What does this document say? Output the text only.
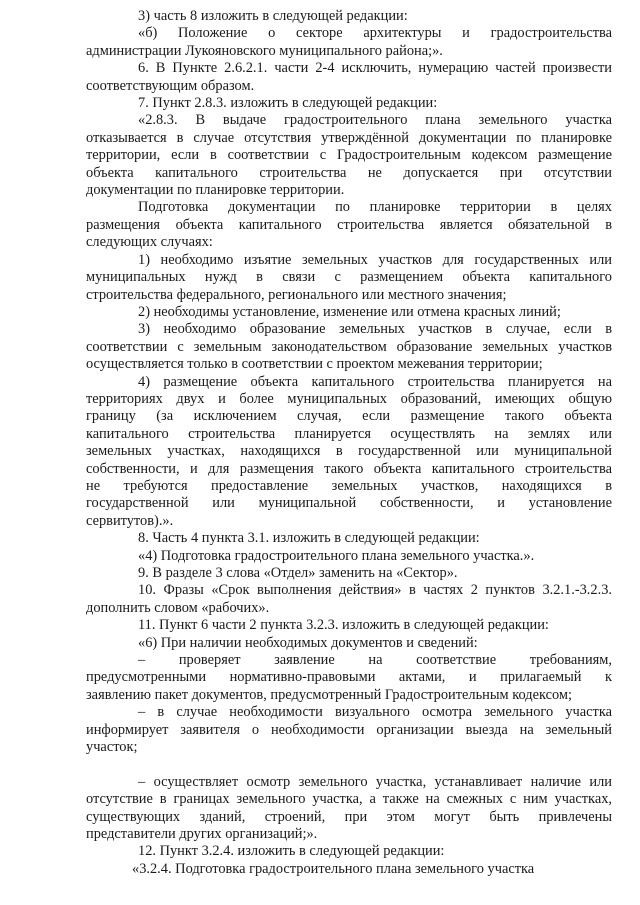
3) часть 8 изложить в следующей редакции:
«б) Положение о секторе архитектуры и градостроительства
администрации Лукояновского муниципального района;».
6. В Пункте 2.6.2.1. части 2-4 исключить, нумерацию частей произвести
соответствующим образом.
7. Пункт 2.8.3. изложить в следующей редакции:
«2.8.3. В выдаче градостроительного плана земельного участка
отказывается в случае отсутствия утверждённой документации по планировке
территории, если в соответствии с Градостроительным кодексом размещение
объекта капитального строительства не допускается при отсутствии
документации по планировке территории.
Подготовка документации по планировке территории в целях
размещения объекта капитального строительства является обязательной в
следующих случаях:
1) необходимо изъятие земельных участков для государственных или
муниципальных нужд в связи с размещением объекта капитального
строительства федерального, регионального или местного значения;
2) необходимы установление, изменение или отмена красных линий;
3) необходимо образование земельных участков в случае, если в
соответствии с земельным законодательством образование земельных участков
осуществляется только в соответствии с проектом межевания территории;
4) размещение объекта капитального строительства планируется на
территориях двух и более муниципальных образований, имеющих общую
границу (за исключением случая, если размещение такого объекта
капитального строительства планируется осуществлять на землях или
земельных участках, находящихся в государственной или муниципальной
собственности, и для размещения такого объекта капитального строительства
не требуются предоставление земельных участков, находящихся в
государственной или муниципальной собственности, и установление
сервитутов).».
8. Часть 4 пункта 3.1. изложить в следующей редакции:
«4) Подготовка градостроительного плана земельного участка.».
9. В разделе 3 слова «Отдел» заменить на «Сектор».
10. Фразы «Срок выполнения действия» в частях 2 пунктов 3.2.1.-3.2.3.
дополнить словом «рабочих».
11. Пункт 6 части 2 пункта 3.2.3. изложить в следующей редакции:
«6) При наличии необходимых документов и сведений:
– проверяет заявление на соответствие требованиям,
предусмотренными нормативно-правовыми актами, и прилагаемый к
заявлению пакет документов, предусмотренный Градостроительным кодексом;
– в случае необходимости визуального осмотра земельного участка
информирует заявителя о необходимости организации выезда на земельный
участок;
– осуществляет осмотр земельного участка, устанавливает наличие или
отсутствие в границах земельного участка, а также на смежных с ним участках,
существующих зданий, строений, при этом могут быть привлечены
представители других организаций;».
12. Пункт 3.2.4. изложить в следующей редакции:
«3.2.4. Подготовка градостроительного плана земельного участка
